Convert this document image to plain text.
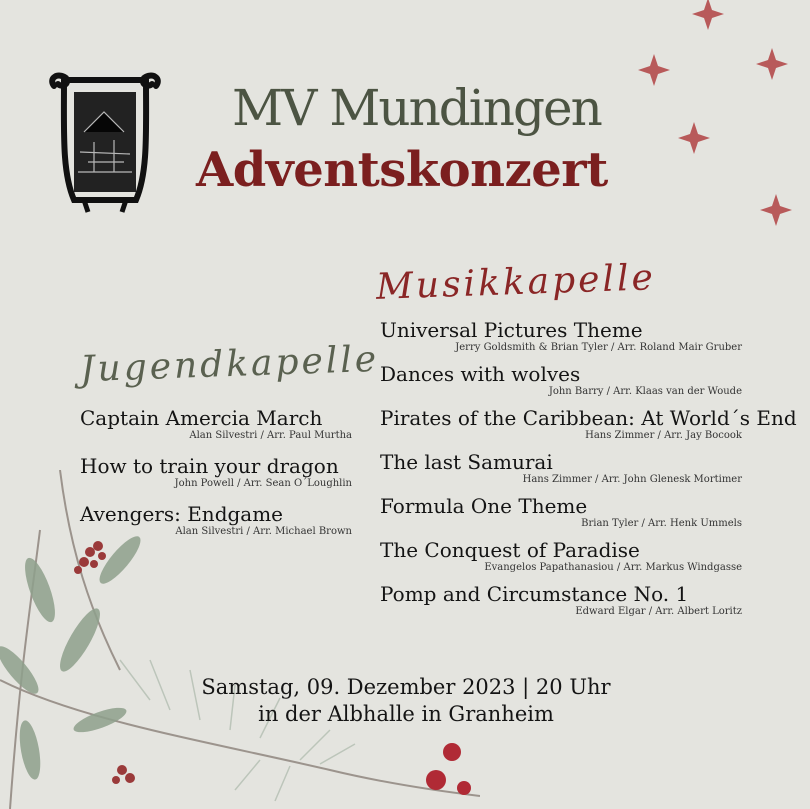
MV Mundingen
Adventskonzert
Musikkapelle
Jugendkapelle
Captain Amercia March
Alan Silvestri / Arr. Paul Murtha
How to train your dragon
John Powell / Arr. Sean O´Loughlin
Avengers: Endgame
Alan Silvestri / Arr. Michael Brown
Universal Pictures Theme
Jerry Goldsmith & Brian Tyler / Arr. Roland Mair Gruber
Dances with wolves
John Barry / Arr. Klaas van der Woude
Pirates of the Caribbean: At World´s End
Hans Zimmer / Arr. Jay Bocook
The last Samurai
Hans Zimmer / Arr. John Glenesk Mortimer
Formula One Theme
Brian Tyler / Arr. Henk Ummels
The Conquest of Paradise
Evangelos Papathanasiou / Arr. Markus Windgasse
Pomp and Circumstance No. 1
Edward Elgar / Arr. Albert Loritz
Samstag, 09. Dezember 2023 | 20 Uhr
in der Albhalle in Granheim
